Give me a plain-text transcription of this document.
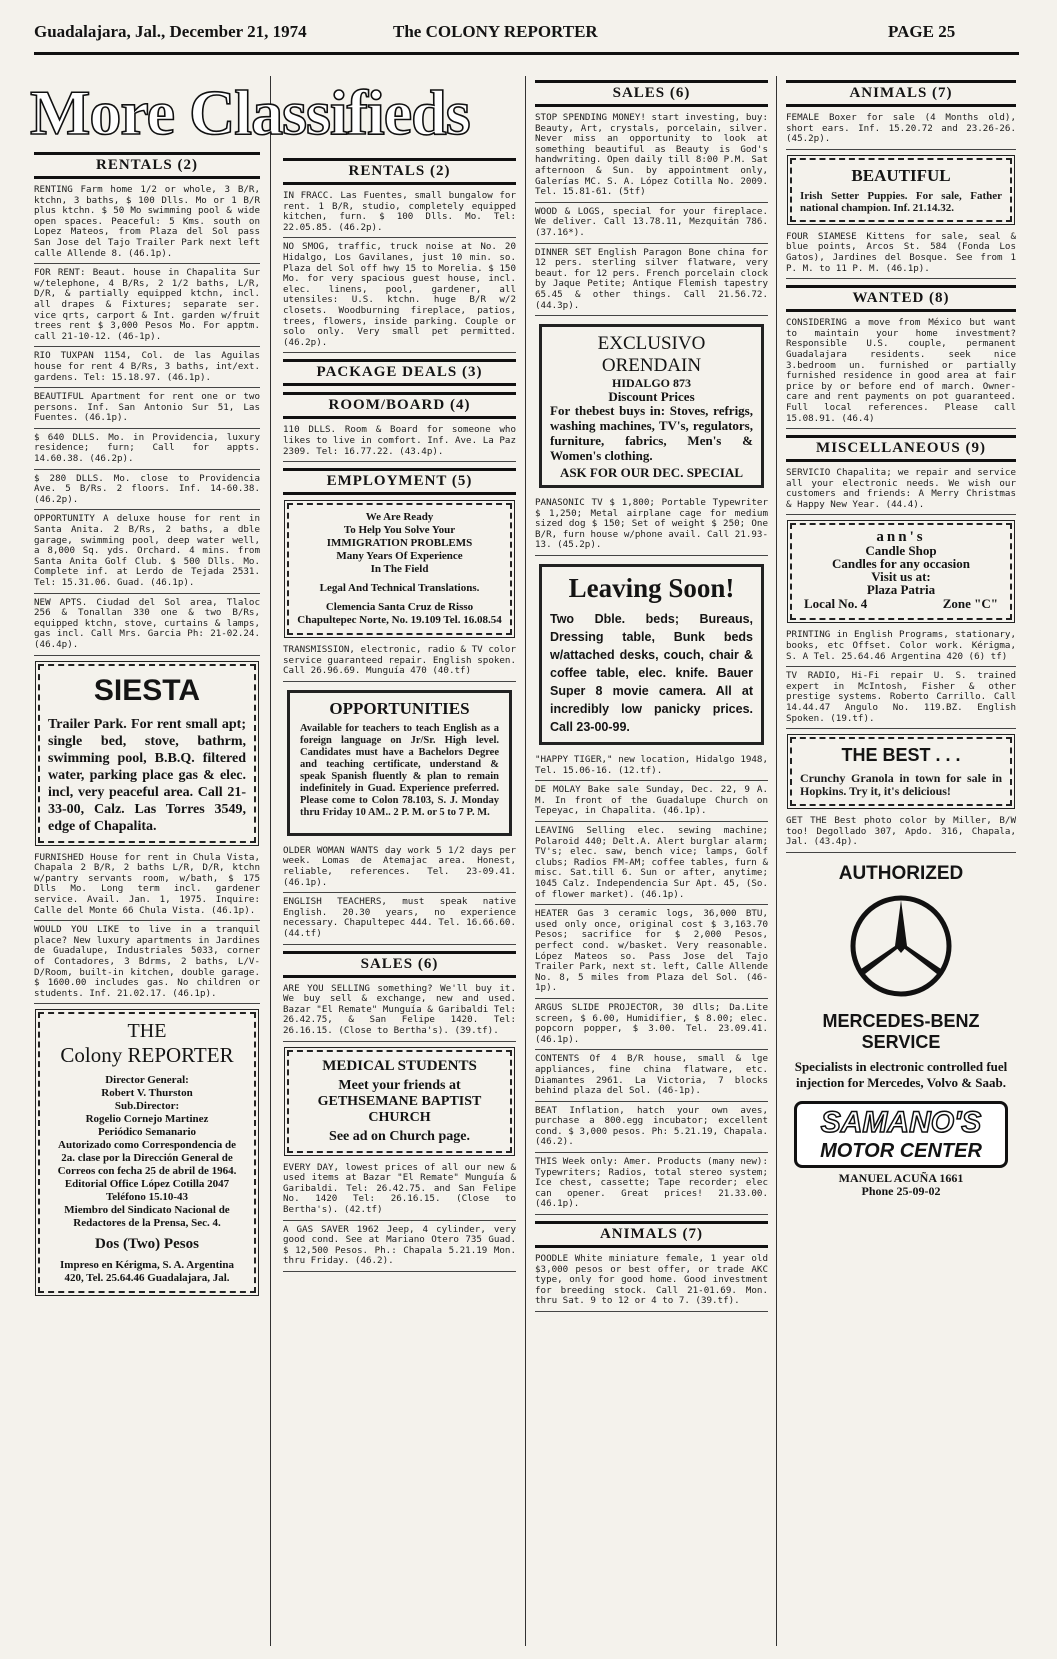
Guadalajara, Jal., December 21, 1974	The COLONY REPORTER	PAGE 25
More Classifieds
RENTALS (2)

RENTING Farm home 1/2 or whole, 3 B/R, ktchn, 3 baths, $ 100 Dlls. Mo or 1 B/R plus ktchn. $ 50 Mo swimming pool & wide open spaces. Peaceful: 5 Kms. south on Lopez Mateos, from Plaza del Sol pass San Jose del Tajo Trailer Park next left calle Allende 8. (46.1p).

FOR RENT: Beaut. house in Chapalita Sur w/telephone, 4 B/Rs, 2 1/2 baths, L/R, D/R, & partially equipped ktchn, incl. all drapes & Fixtures; separate ser. vice qrts, carport & Int. garden w/fruit trees rent $ 3,000 Pesos Mo. For apptm. call 21-10-12. (46-1p).

RIO TUXPAN 1154, Col. de las Aguilas house for rent 4 B/Rs, 3 baths, int/ext. gardens. Tel: 15.18.97. (46.1p).

BEAUTIFUL Apartment for rent one or two persons. Inf. San Antonio Sur 51, Las Fuentes. (46.1p).

$ 640 DLLS. Mo. in Providencia, luxury residence; furn; Call for appts. 14.60.38. (46.2p).

$ 280 DLLS. Mo. close to Providencia Ave. 5 B/Rs. 2 floors. Inf. 14-60.38. (46.2p).

OPPORTUNITY A deluxe house for rent in Santa Anita. 2 B/Rs, 2 baths, a dble garage, swimming pool, deep water well, a 8,000 Sq. yds. Orchard. 4 mins. from Santa Anita Golf Club. $ 500 Dlls. Mo. Complete inf. at Lerdo de Tejada 2531. Tel: 15.31.06. Guad. (46.1p).

NEW APTS. Ciudad del Sol area, Tlaloc 256 & Tonallan 330 one & two B/Rs, equipped ktchn, stove, curtains & lamps, gas incl. Call Mrs. Garcia Ph: 21-02.24. (46.4p).

SIESTA
Trailer Park. For rent small apt; single bed, stove, bathrm, swimming pool, B.B.Q. filtered water, parking place gas & elec. incl, very peaceful area. Call 21-33-00, Calz. Las Torres 3549, edge of Chapalita.

FURNISHED House for rent in Chula Vista, Chapala 2 B/R, 2 baths L/R, D/R, ktchn w/pantry servants room, w/bath, $ 175 Dlls Mo. Long term incl. gardener service. Avail. Jan. 1, 1975. Inquire: Calle del Monte 66 Chula Vista. (46.1p).

WOULD YOU LIKE to live in a tranquil place? New luxury apartments in Jardines de Guadalupe, Industriales 5033, corner of Contadores, 3 Bdrms, 2 baths, L/V-D/Room, built-in kitchen, double garage. $ 1600.00 includes gas. No children or students. Inf. 21.02.17. (46.1p).

THE
Colony REPORTER
Director General:
Robert V. Thurston
Sub.Director:
Rogelio Cornejo Martinez
Periódico Semanario
Autorizado como Correspondencia de 2a. clase por la Dirección General de Correos con fecha 25 de abril de 1964.
Editorial Office López Cotilla 2047
Teléfono 15.10-43
Miembro del Sindicato Nacional de Redactores de la Prensa, Sec. 4.
Dos (Two) Pesos
Impreso en Kérigma, S. A. Argentina 420, Tel. 25.64.46 Guadalajara, Jal.
RENTALS (2)

IN FRACC. Las Fuentes, small bungalow for rent. 1 B/R, studio, completely equipped kitchen, furn. $ 100 Dlls. Mo. Tel: 22.05.85. (46.2p).

NO SMOG, traffic, truck noise at No. 20 Hidalgo, Los Gavilanes, just 10 min. so. Plaza del Sol off hwy 15 to Morelia. $ 150 Mo. for very spacious guest house, incl. elec. linens, pool, gardener, all utensiles: U.S. ktchn. huge B/R w/2 closets. Woodburning fireplace, patios, trees, flowers, inside parking. Couple or solo only. Very small pet permitted. (46.2p).

PACKAGE DEALS (3)
ROOM/BOARD (4)

110 DLLS. Room & Board for someone who likes to live in comfort. Inf. Ave. La Paz 2309. Tel: 16.77.22. (43.4p).

EMPLOYMENT (5)
We Are Ready
To Help You Solve Your
IMMIGRATION PROBLEMS
Many Years Of Experience
In The Field
Legal And Technical Translations.
Clemencia Santa Cruz de Risso Chapultepec Norte, No. 19.109 Tel. 16.08.54

TRANSMISSION, electronic, radio & TV color service guaranteed repair. English spoken. Call 26.96.69. Munguía 470 (40.tf)

OPPORTUNITIES
Available for teachers to teach English as a foreign language on Jr/Sr. High level. Candidates must have a Bachelors Degree and teaching certificate, understand & speak Spanish fluently & plan to remain indefinitely in Guad. Experience preferred. Please come to Colon 78.103, S. J. Monday thru Friday 10 AM.. 2 P. M. or 5 to 7 P. M.

OLDER WOMAN WANTS day work 5 1/2 days per week. Lomas de Atemajac area. Honest, reliable, references. Tel. 23-09.41. (46.1p).

ENGLISH TEACHERS, must speak native English. 20.30 years, no experience necessary. Chapultepec 444. Tel. 16.66.60. (44.tf)

SALES (6)

ARE YOU SELLING something? We'll buy it. We buy sell & exchange, new and used. Bazar "El Remate" Munguía & Garibaldi Tel: 26.42.75, & San Felipe 1420. Tel: 26.16.15. (Close to Bertha's). (39.tf).

MEDICAL STUDENTS
Meet your friends at GETHSEMANE BAPTIST CHURCH
See ad on Church page.

EVERY DAY, lowest prices of all our new & used items at Bazar "El Remate" Munguía & Garibaldi. Tel: 26.42.75. and San Felipe No. 1420 Tel: 26.16.15. (Close to Bertha's). (42.tf)

A GAS SAVER 1962 Jeep, 4 cylinder, very good cond. See at Mariano Otero 735 Guad. $ 12,500 Pesos. Ph.: Chapala 5.21.19 Mon. thru Friday. (46.2).

SALES (6)

STOP SPENDING MONEY! start investing, buy: Beauty, Art, crystals, porcelain, silver. Never miss an opportunity to look at something beautiful as Beauty is God's handwriting. Open daily till 8:00 P.M. Sat afternoon & Sun. by appointment only, Galerías MC. S. A. López Cotilla No. 2009. Tel. 15.81-61. (5tf)

WOOD & LOGS, special for your fireplace. We deliver. Call 13.78.11, Mezquitán 786. (37.16*).

DINNER SET English Paragon Bone china for 12 pers. sterling silver flatware, very beaut. for 12 pers. French porcelain clock by Jaque Petite; Antique Flemish tapestry 65.45 & other things. Call 21.56.72. (44.3p).

EXCLUSIVO
ORENDAIN
HIDALGO 873
Discount Prices
For thebest buys in: Stoves, refrigs, washing machines, TV's, regulators, furniture, fabrics, Men's & Women's clothing.
ASK FOR OUR DEC. SPECIAL

PANASONIC TV $ 1,800; Portable Typewriter $ 1,250; Metal airplane cage for medium sized dog $ 150; Set of weight $ 250; One B/R, furn house w/phone avail. Call 21.93-13. (45.2p).

Leaving Soon!
Two Dble. beds; Bureaus, Dressing table, Bunk beds w/attached desks, couch, chair & coffee table, elec. knife. Bauer Super 8 movie camera. All at incredibly low panicky prices. Call 23-00-99.

"HAPPY TIGER," new location, Hidalgo 1948, Tel. 15.06-16. (12.tf).

DE MOLAY Bake sale Sunday, Dec. 22, 9 A. M. In front of the Guadalupe Church on Tepeyac, in Chapalita. (46.1p).

LEAVING Selling elec. sewing machine; Polaroid 440; Delt.A. Alert burglar alarm; TV's; elec. saw, bench vice; lamps, Golf clubs; Radios FM-AM; coffee tables, furn & misc. Sat.till 6. Sun or after, anytime; 1045 Calz. Independencia Sur Apt. 45, (So. of flower market). (46.1p).

HEATER Gas 3 ceramic logs, 36,000 BTU, used only once, original cost $ 3,163.70 Pesos; sacrifice for $ 2,000 Pesos, perfect cond. w/basket. Very reasonable. López Mateos so. Pass Jose del Tajo Trailer Park, next st. left, Calle Allende No. 8, 5 miles from Plaza del Sol. (46-1p).

ARGUS SLIDE PROJECTOR, 30 dlls; Da.Lite screen, $ 6.00, Humidifier, $ 8.00; elec. popcorn popper, $ 3.00. Tel. 23.09.41. (46.1p).

CONTENTS Of 4 B/R house, small & lge appliances, fine china flatware, etc. Diamantes 2961. La Victoria, 7 blocks behind plaza del Sol. (46-1p).

BEAT Inflation, hatch your own aves, purchase a 800.egg incubator; excellent cond. $ 3,000 pesos. Ph: 5.21.19, Chapala. (46.2).

THIS Week only: Amer. Products (many new): Typewriters; Radios, total stereo system; Ice chest, cassette; Tape recorder; elec can opener. Great prices! 21.33.00. (46.1p).

ANIMALS (7)

POODLE White miniature female, 1 year old $3,000 pesos or best offer, or trade AKC type, only for good home. Good investment for breeding stock. Call 21-01.69. Mon. thru Sat. 9 to 12 or 4 to 7. (39.tf).

ANIMALS (7)

FEMALE Boxer for sale (4 Months old), short ears. Inf. 15.20.72 and 23.26-26. (45.2p).

BEAUTIFUL
Irish Setter Puppies. For sale, Father national champion. Inf. 21.14.32.

FOUR SIAMESE Kittens for sale, seal & blue points, Arcos St. 584 (Fonda Los Gatos), Jardines del Bosque. See from 1 P. M. to 11 P. M. (46.1p).

WANTED (8)

CONSIDERING a move from México but want to maintain your home investment? Responsible U.S. couple, permanent Guadalajara residents. seek nice 3.bedroom un. furnished or partially furnished residence in good area at fair price by or before end of march. Owner-care and rent payments on pot guaranteed. Full local references. Please call 15.08.91. (46.4)

MISCELLANEOUS (9)

SERVICIO Chapalita; we repair and service all your electronic needs. We wish our customers and friends: A Merry Christmas & Happy New Year. (44.4).

ann's
Candle Shop
Candles for any occasion
Visit us at:
Plaza Patria
Local No. 4	Zone "C"

PRINTING in English Programs, stationary, books, etc Offset. Color work. Kérigma, S. A Tel. 25.64.46 Argentina 420 (6) tf)

TV RADIO, Hi-Fi repair U. S. trained expert in McIntosh, Fisher & other prestige systems. Roberto Carrillo. Call 14.44.47 Angulo No. 119.BZ. English Spoken. (19.tf).

THE BEST . . .
Crunchy Granola in town for sale in Hopkins. Try it, it's delicious!

GET THE Best photo color by Miller, B/W too! Degollado 307, Apdo. 316, Chapala, Jal. (43.4p).

AUTHORIZED
MERCEDES-BENZ
SERVICE
Specialists in electronic controlled fuel injection for Mercedes, Volvo & Saab.
SAMANO'S
MOTOR CENTER
MANUEL ACUÑA 1661
Phone 25-09-02
